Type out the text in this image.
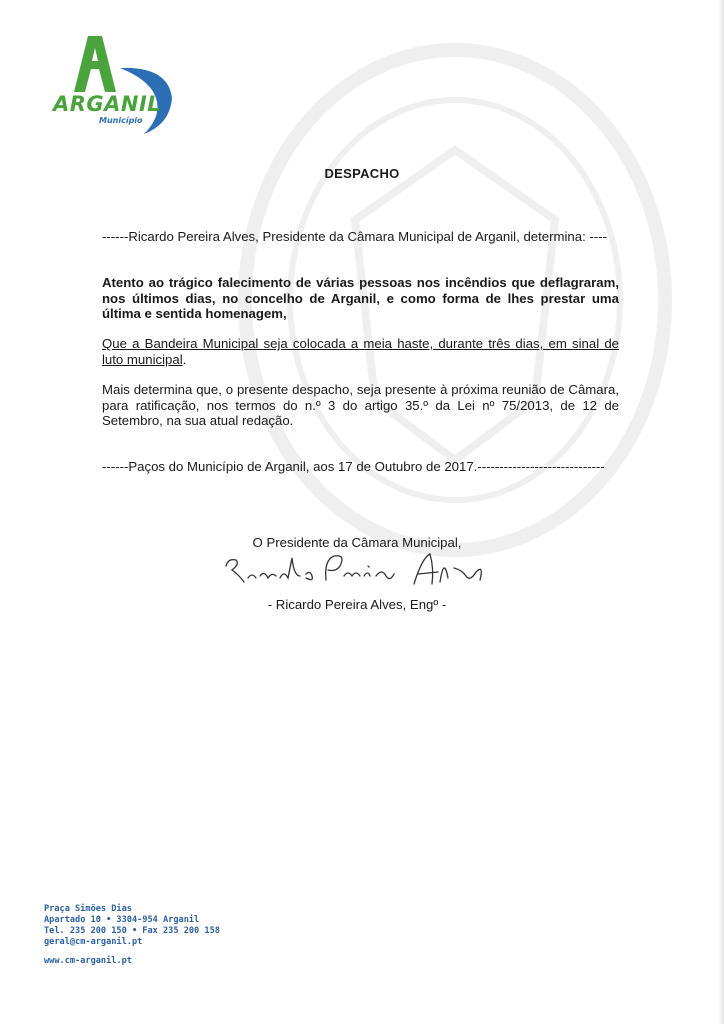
ARGANIL
Município
DESPACHO
------Ricardo Pereira Alves, Presidente da Câmara Municipal de Arganil, determina: ----
Atento ao trágico falecimento de várias pessoas nos incêndios que deflagraram, nos últimos dias, no concelho de Arganil, e como forma de lhes prestar uma última e sentida homenagem,
Que a Bandeira Municipal seja colocada a meia haste, durante três dias, em sinal de luto municipal.
Mais determina que, o presente despacho, seja presente à próxima reunião de Câmara, para ratificação, nos termos do n.º 3 do artigo 35.º da Lei nº 75/2013, de 12 de Setembro, na sua atual redação.
------Paços do Município de Arganil, aos 17 de Outubro de 2017.-----------------------------
O Presidente da Câmara Municipal,
- Ricardo Pereira Alves, Engº -
Praça Simões Dias
Apartado 10 • 3304-954 Arganil
Tel. 235 200 150 • Fax 235 200 158
geral@cm-arganil.pt
www.cm-arganil.pt
